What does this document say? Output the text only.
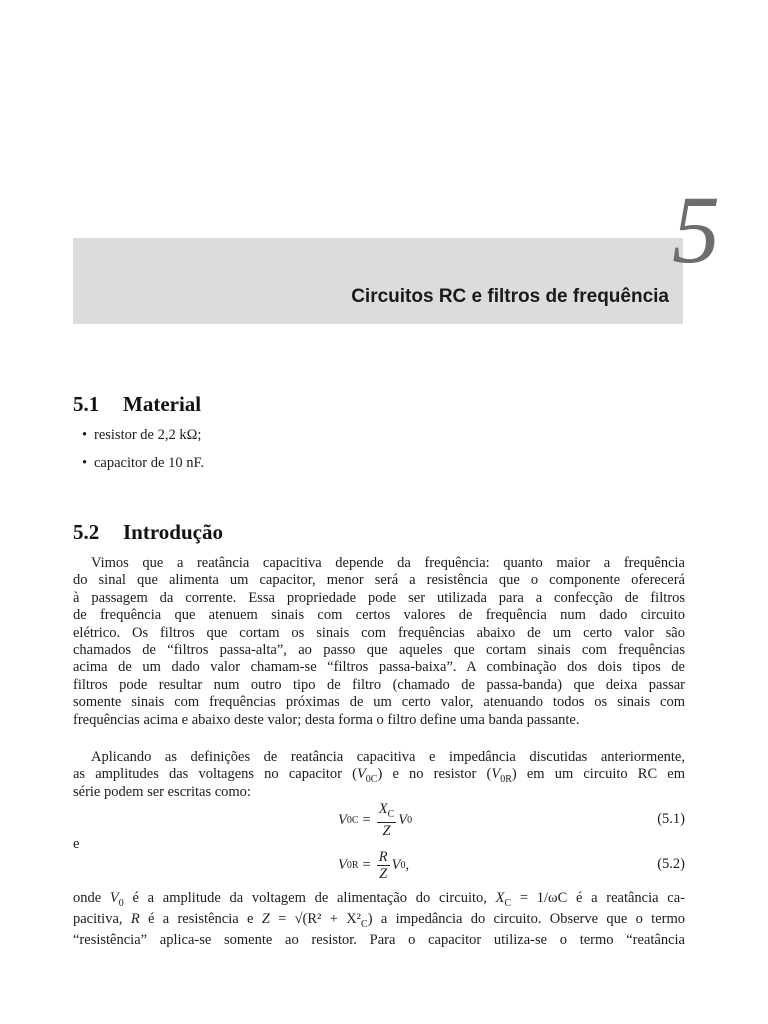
5
Circuitos RC e filtros de frequência
5.1 Material
• resistor de 2,2 kΩ;
• capacitor de 10 nF.
5.2 Introdução
Vimos que a reatância capacitiva depende da frequência: quanto maior a frequência
do sinal que alimenta um capacitor, menor será a resistência que o componente oferecerá
à passagem da corrente. Essa propriedade pode ser utilizada para a confecção de filtros
de frequência que atenuem sinais com certos valores de frequência num dado circuito
elétrico. Os filtros que cortam os sinais com frequências abaixo de um certo valor são
chamados de “filtros passa-alta”, ao passo que aqueles que cortam sinais com frequências
acima de um dado valor chamam-se “filtros passa-baixa”. A combinação dos dois tipos de
filtros pode resultar num outro tipo de filtro (chamado de passa-banda) que deixa passar
somente sinais com frequências próximas de um certo valor, atenuando todos os sinais com
frequências acima e abaixo deste valor; desta forma o filtro define uma banda passante.
Aplicando as definições de reatância capacitiva e impedância discutidas anteriormente,
as amplitudes das voltagens no capacitor $(V_{0C})$ e no resistor $(V_{0R})$ em um circuito RC em
série podem ser escritas como:
V $0C = \frac{X_C}{Z}$ V 0	(5.1)
e
V $0R = \frac{R}{Z}$ V 0 ,	(5.2)
onde $V_0$ é a amplitude da voltagem de alimentação do circuito, $X_C = 1/\omega C$ é a reatância ca-
pacitiva, R é a resistência e $Z = √(R^2 + X^2_C)$ a impedância do circuito. Observe que o termo
“resistência” aplica-se somente ao resistor. Para o capacitor utiliza-se o termo “reatância
